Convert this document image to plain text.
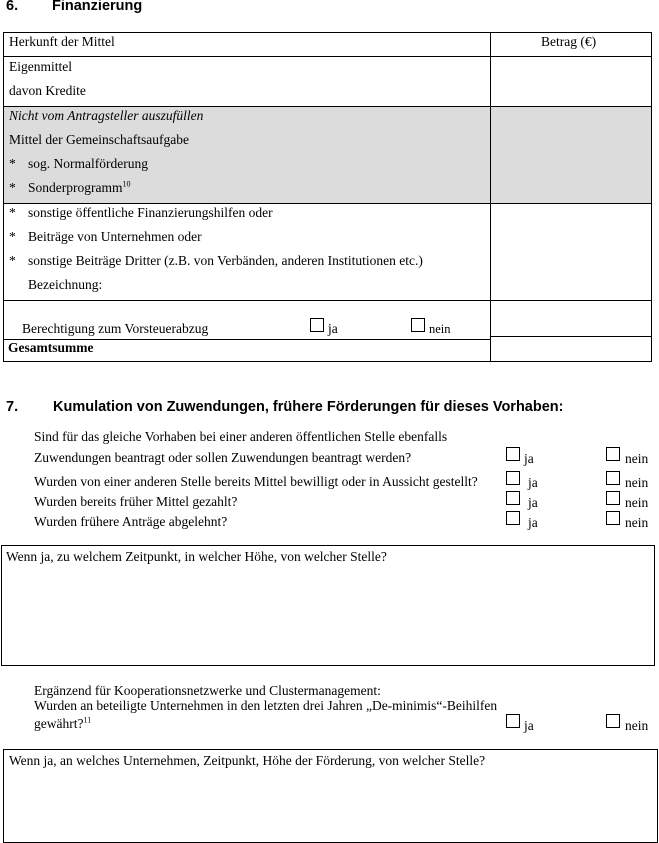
6. Finanzierung
Herkunft der Mittel	Betrag (€)
Eigenmittel
davon Kredite
Nicht vom Antragsteller auszufüllen
Mittel der Gemeinschaftsaufgabe
* sog. Normalförderung
* Sonderprogramm$^{10}$
* sonstige öffentliche Finanzierungshilfen oder
* Beiträge von Unternehmen oder
* sonstige Beiträge Dritter (z.B. von Verbänden, anderen Institutionen etc.)
Bezeichnung:
Berechtigung zum Vorsteuerabzug	ja	nein
Gesamtsumme
7. Kumulation von Zuwendungen, frühere Förderungen für dieses Vorhaben:
Sind für das gleiche Vorhaben bei einer anderen öffentlichen Stelle ebenfalls
Zuwendungen beantragt oder sollen Zuwendungen beantragt werden?	ja	nein
Wurden von einer anderen Stelle bereits Mittel bewilligt oder in Aussicht gestellt?	ja	nein
Wurden bereits früher Mittel gezahlt?	ja	nein
Wurden frühere Anträge abgelehnt?	ja	nein
Wenn ja, zu welchem Zeitpunkt, in welcher Höhe, von welcher Stelle?
Ergänzend für Kooperationsnetzwerke und Clustermanagement:
Wurden an beteiligte Unternehmen in den letzten drei Jahren „De-minimis“-Beihilfen
gewährt?$^{11}$	ja	nein
Wenn ja, an welches Unternehmen, Zeitpunkt, Höhe der Förderung, von welcher Stelle?
